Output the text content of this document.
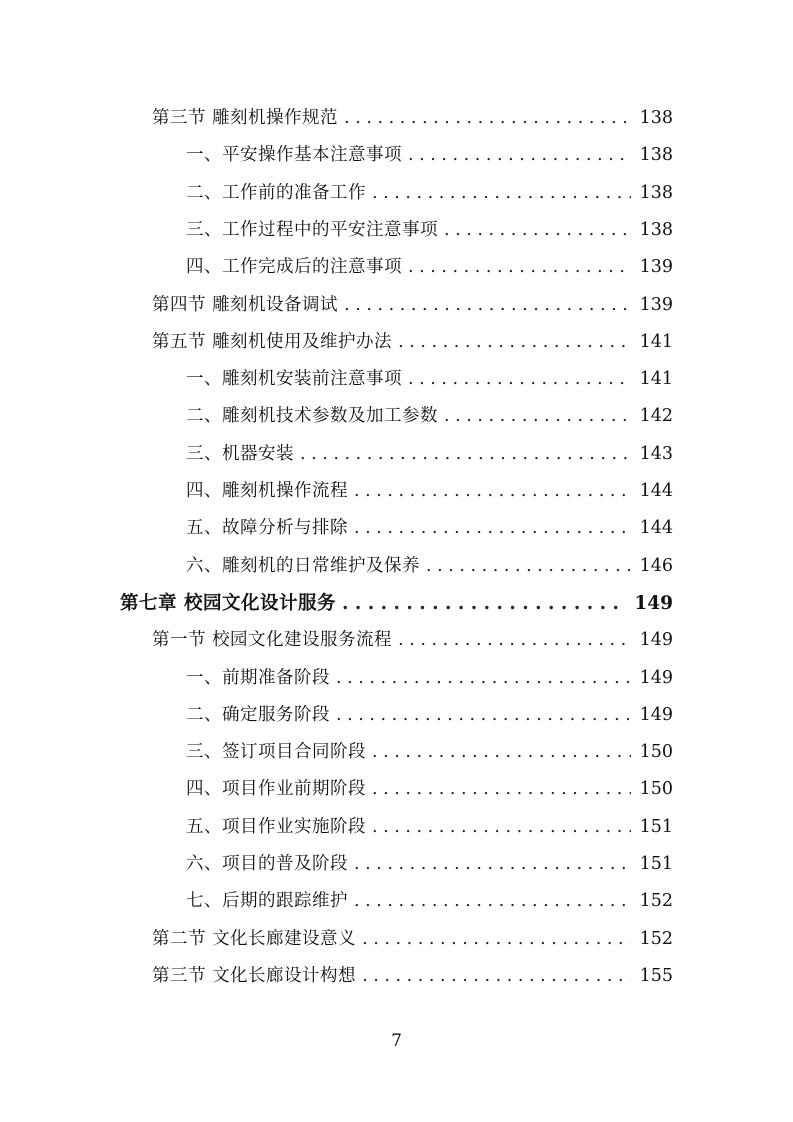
第三节 雕刻机操作规范 . . .	138
一、平安操作基本注意事项 . . .	138
二、工作前的准备工作 . . .	138
三、工作过程中的平安注意事项 . . .	138
四、工作完成后的注意事项 . . .	139
第四节 雕刻机设备调试 . . .	139
第五节 雕刻机使用及维护办法 . . .	141
一、雕刻机安装前注意事项 . . .	141
二、雕刻机技术参数及加工参数 . . .	142
三、机器安装 . . .	143
四、雕刻机操作流程 . . .	144
五、故障分析与排除 . . .	144
六、雕刻机的日常维护及保养 . . .	146
第七章 校园文化设计服务 . . .	149
第一节 校园文化建设服务流程 . . .	149
一、前期准备阶段 . . .	149
二、确定服务阶段 . . .	149
三、签订项目合同阶段 . . .	150
四、项目作业前期阶段 . . .	150
五、项目作业实施阶段 . . .	151
六、项目的普及阶段 . . .	151
七、后期的跟踪维护 . . .	152
第二节 文化长廊建设意义 . . .	152
第三节 文化长廊设计构想 . . .	155
7
